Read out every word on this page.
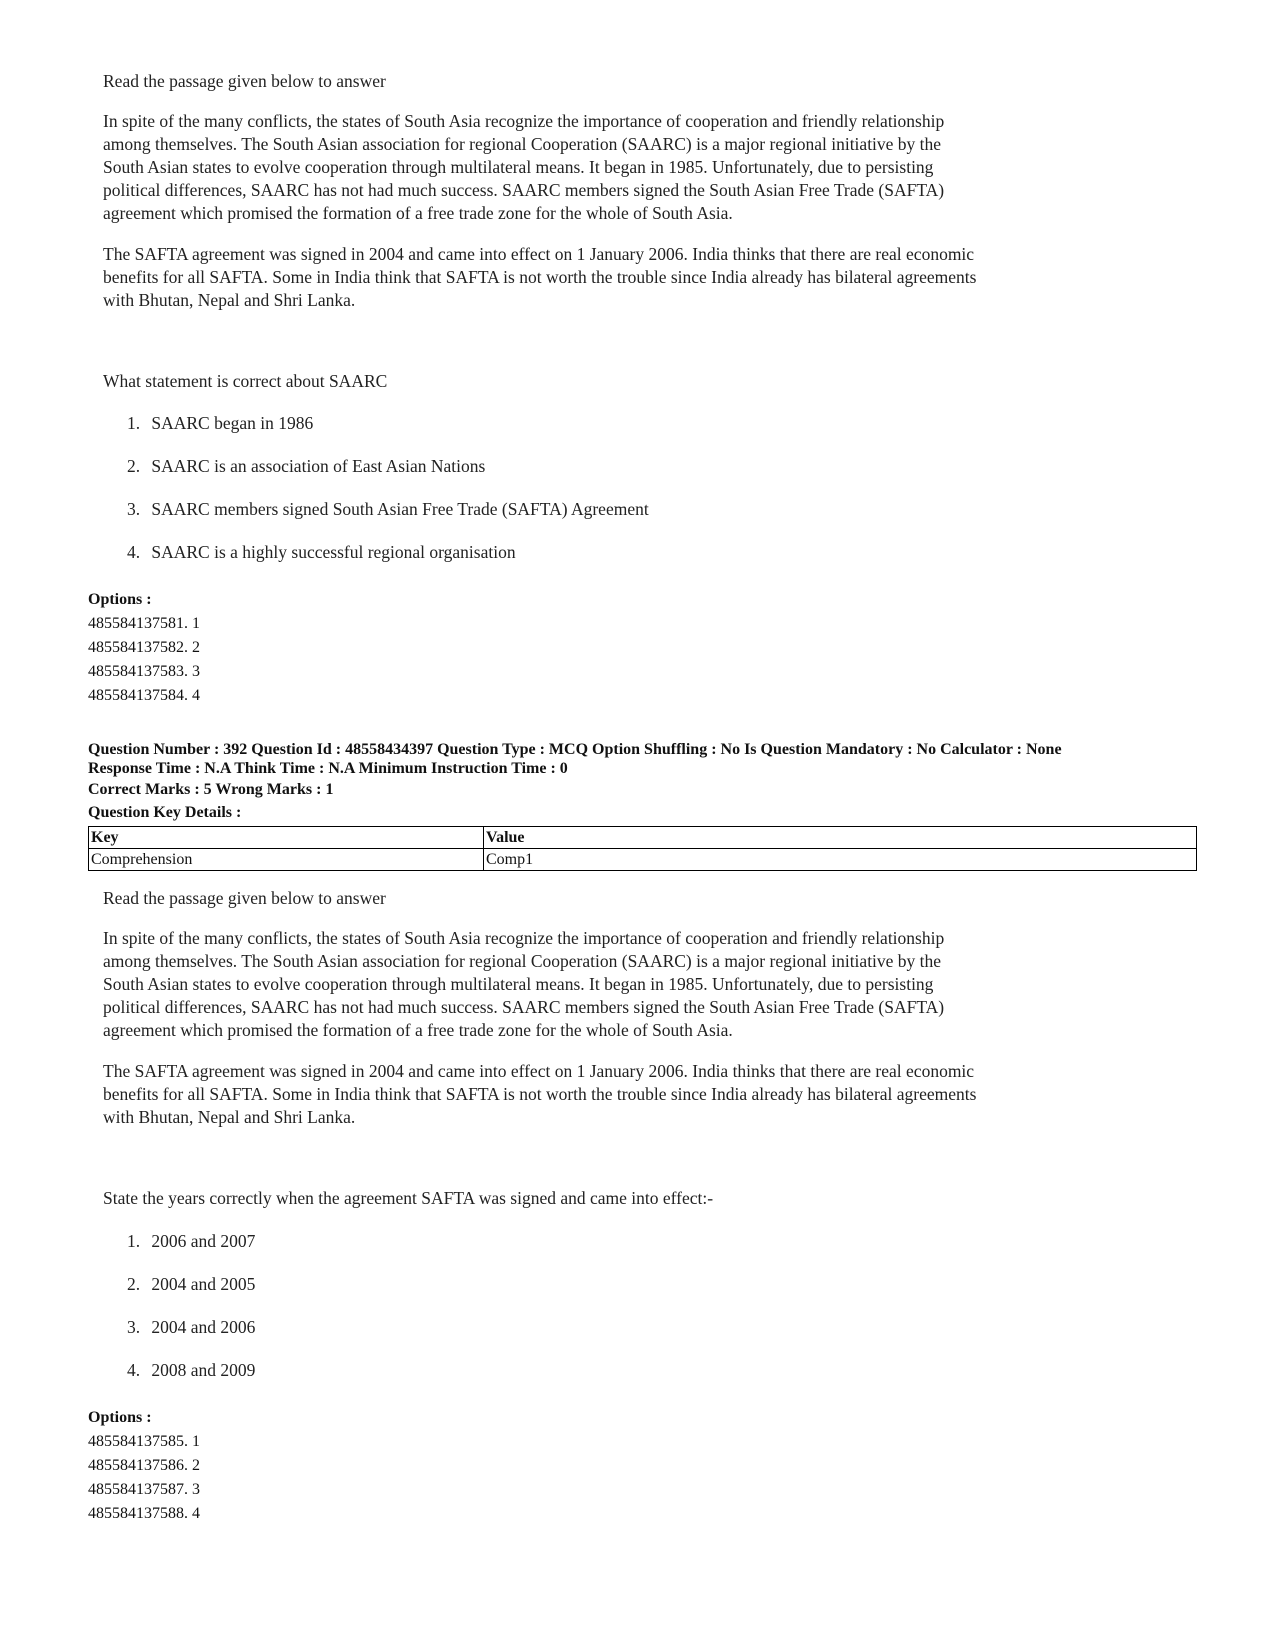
Read the passage given below to answer

In spite of the many conflicts, the states of South Asia recognize the importance of cooperation and friendly relationship among themselves. The South Asian association for regional Cooperation (SAARC) is a major regional initiative by the South Asian states to evolve cooperation through multilateral means. It began in 1985. Unfortunately, due to persisting political differences, SAARC has not had much success. SAARC members signed the South Asian Free Trade (SAFTA) agreement which promised the formation of a free trade zone for the whole of South Asia.

The SAFTA agreement was signed in 2004 and came into effect on 1 January 2006. India thinks that there are real economic benefits for all SAFTA. Some in India think that SAFTA is not worth the trouble since India already has bilateral agreements with Bhutan, Nepal and Shri Lanka.

What statement is correct about SAARC

1. SAARC began in 1986
2. SAARC is an association of East Asian Nations
3. SAARC members signed South Asian Free Trade (SAFTA) Agreement
4. SAARC is a highly successful regional organisation
Options :
485584137581. 1
485584137582. 2
485584137583. 3
485584137584. 4
Question Number : 392 Question Id : 48558434397 Question Type : MCQ Option Shuffling : No Is Question Mandatory : No Calculator : None
Response Time : N.A Think Time : N.A Minimum Instruction Time : 0
Correct Marks : 5 Wrong Marks : 1
Question Key Details :
Key	Value
Comprehension	Comp1

Read the passage given below to answer

In spite of the many conflicts, the states of South Asia recognize the importance of cooperation and friendly relationship among themselves. The South Asian association for regional Cooperation (SAARC) is a major regional initiative by the South Asian states to evolve cooperation through multilateral means. It began in 1985. Unfortunately, due to persisting political differences, SAARC has not had much success. SAARC members signed the South Asian Free Trade (SAFTA) agreement which promised the formation of a free trade zone for the whole of South Asia.

The SAFTA agreement was signed in 2004 and came into effect on 1 January 2006. India thinks that there are real economic benefits for all SAFTA. Some in India think that SAFTA is not worth the trouble since India already has bilateral agreements with Bhutan, Nepal and Shri Lanka.

State the years correctly when the agreement SAFTA was signed and came into effect:-

1. 2006 and 2007
2. 2004 and 2005
3. 2004 and 2006
4. 2008 and 2009
Options :
485584137585. 1
485584137586. 2
485584137587. 3
485584137588. 4
